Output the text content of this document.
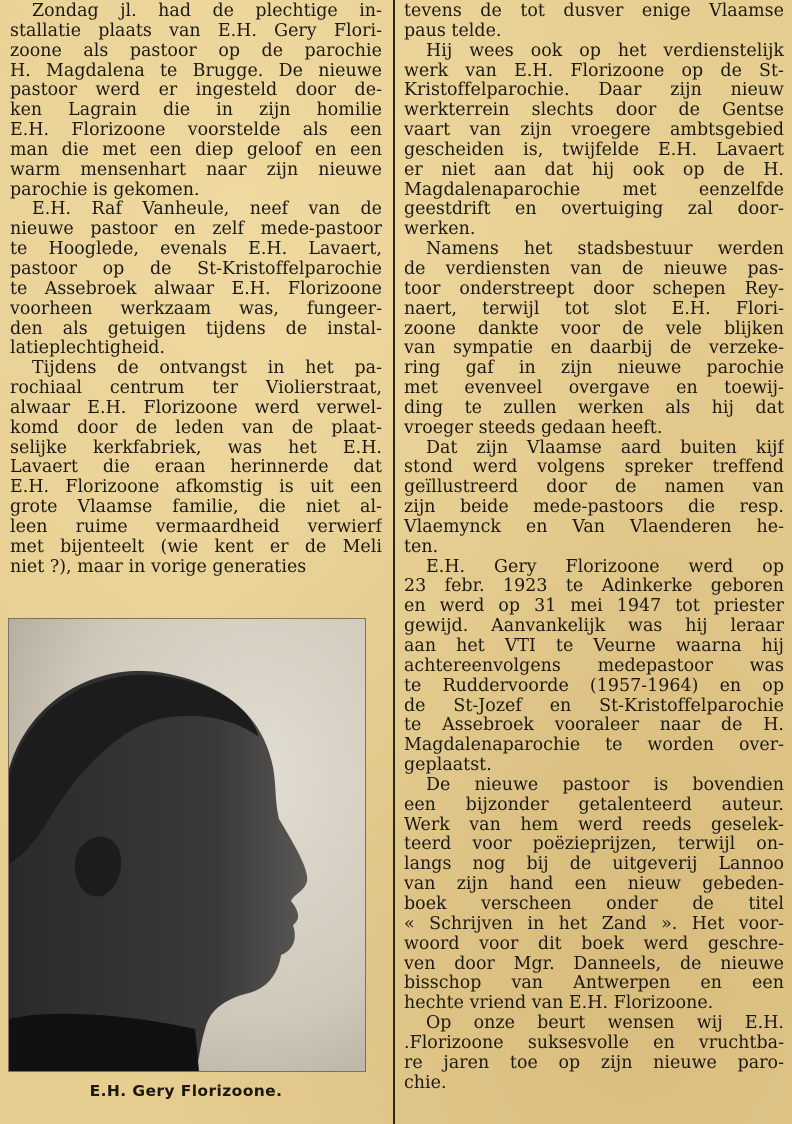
Zondag jl. had de plechtige in-
stallatie plaats van E.H. Gery Flori-
zoone als pastoor op de parochie
H. Magdalena te Brugge. De nieuwe
pastoor werd er ingesteld door de-
ken Lagrain die in zijn homilie
E.H. Florizoone voorstelde als een
man die met een diep geloof en een
warm mensenhart naar zijn nieuwe
parochie is gekomen.
E.H. Raf Vanheule, neef van de
nieuwe pastoor en zelf mede-pastoor
te Hooglede, evenals E.H. Lavaert,
pastoor op de St-Kristoffelparochie
te Assebroek alwaar E.H. Florizoone
voorheen werkzaam was, fungeer-
den als getuigen tijdens de instal-
latieplechtigheid.
Tijdens de ontvangst in het pa-
rochiaal centrum ter Violierstraat,
alwaar E.H. Florizoone werd verwel-
komd door de leden van de plaat-
selijke kerkfabriek, was het E.H.
Lavaert die eraan herinnerde dat
E.H. Florizoone afkomstig is uit een
grote Vlaamse familie, die niet al-
leen ruime vermaardheid verwierf
met bijenteelt (wie kent er de Meli
niet ?), maar in vorige generaties
tevens de tot dusver enige Vlaamse
paus telde.
Hij wees ook op het verdienstelijk
werk van E.H. Florizoone op de St-
Kristoffelparochie. Daar zijn nieuw
werkterrein slechts door de Gentse
vaart van zijn vroegere ambtsgebied
gescheiden is, twijfelde E.H. Lavaert
er niet aan dat hij ook op de H.
Magdalenaparochie met eenzelfde
geestdrift en overtuiging zal door-
werken.
Namens het stadsbestuur werden
de verdiensten van de nieuwe pas-
toor onderstreept door schepen Rey-
naert, terwijl tot slot E.H. Flori-
zoone dankte voor de vele blijken
van sympatie en daarbij de verzeke-
ring gaf in zijn nieuwe parochie
met evenveel overgave en toewij-
ding te zullen werken als hij dat
vroeger steeds gedaan heeft.
Dat zijn Vlaamse aard buiten kijf
stond werd volgens spreker treffend
geïllustreerd door de namen van
zijn beide mede-pastoors die resp.
Vlaemynck en Van Vlaenderen he-
ten.
E.H. Gery Florizoone werd op
23 febr. 1923 te Adinkerke geboren
en werd op 31 mei 1947 tot priester
gewijd. Aanvankelijk was hij leraar
aan het VTI te Veurne waarna hij
achtereenvolgens medepastoor was
te Ruddervoorde (1957-1964) en op
de St-Jozef en St-Kristoffelparochie
te Assebroek vooraleer naar de H.
Magdalenaparochie te worden over-
geplaatst.
De nieuwe pastoor is bovendien
een bijzonder getalenteerd auteur.
Werk van hem werd reeds geselek-
teerd voor poëzieprijzen, terwijl on-
langs nog bij de uitgeverij Lannoo
van zijn hand een nieuw gebeden-
boek verscheen onder de titel
« Schrijven in het Zand ». Het voor-
woord voor dit boek werd geschre-
ven door Mgr. Danneels, de nieuwe
bisschop van Antwerpen en een
hechte vriend van E.H. Florizoone.
Op onze beurt wensen wij E.H.
.Florizoone suksesvolle en vruchtba-
re jaren toe op zijn nieuwe paro-
chie.
E.H. Gery Florizoone.
